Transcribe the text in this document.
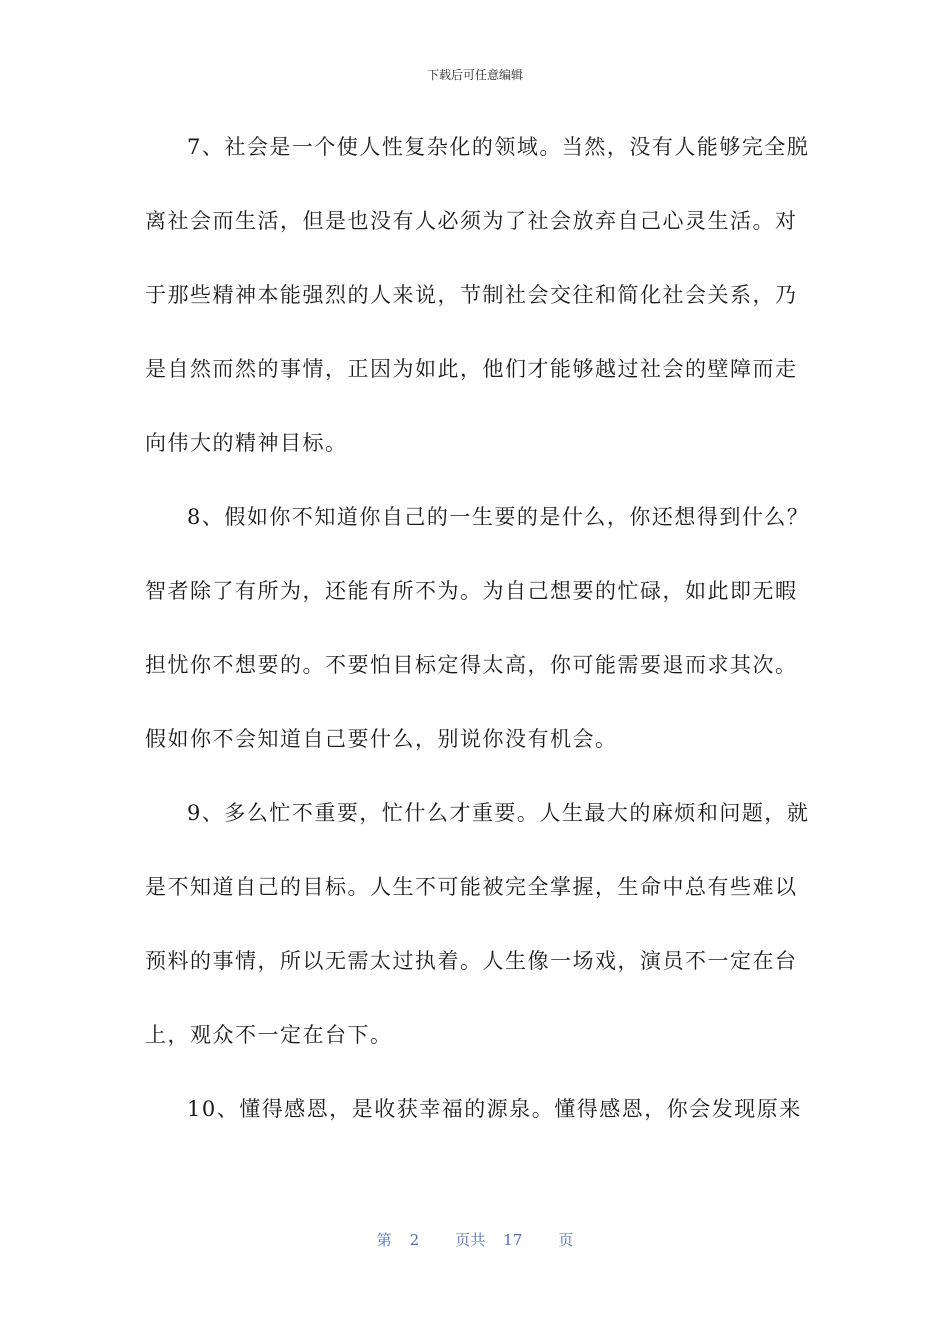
下载后可任意编辑
7、社会是一个使人性复杂化的领域。当然，没有人能够完全脱
离社会而生活，但是也没有人必须为了社会放弃自己心灵生活。对
于那些精神本能强烈的人来说，节制社会交往和简化社会关系，乃
是自然而然的事情，正因为如此，他们才能够越过社会的壁障而走
向伟大的精神目标。
8、假如你不知道你自己的一生要的是什么，你还想得到什么？
智者除了有所为，还能有所不为。为自己想要的忙碌，如此即无暇
担忧你不想要的。不要怕目标定得太高，你可能需要退而求其次。
假如你不会知道自己要什么，别说你没有机会。
9、多么忙不重要，忙什么才重要。人生最大的麻烦和问题，就
是不知道自己的目标。人生不可能被完全掌握，生命中总有些难以
预料的事情，所以无需太过执着。人生像一场戏，演员不一定在台
上，观众不一定在台下。
10、懂得感恩，是收获幸福的源泉。懂得感恩，你会发现原来
第 2 页共 17 页
